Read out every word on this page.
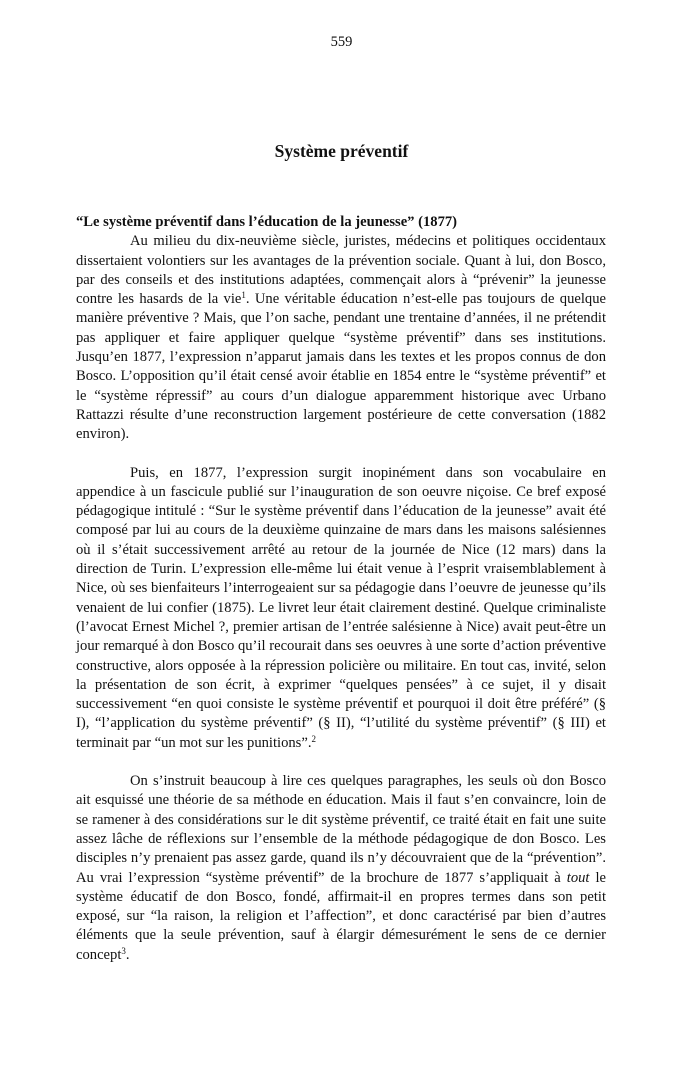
559
Système préventif

“Le système préventif dans l’éducation de la jeunesse” (1877)

Au milieu du dix-neuvième siècle, juristes, médecins et politiques occidentaux dissertaient volontiers sur les avantages de la prévention sociale. Quant à lui, don Bosco, par des conseils et des institutions adaptées, commençait alors à “prévenir” la jeunesse contre les hasards de la vie$^1$. Une véritable éducation n’est-elle pas toujours de quelque manière préventive ? Mais, que l’on sache, pendant une trentaine d’années, il ne prétendit pas appliquer et faire appliquer quelque “système préventif” dans ses institutions. Jusqu’en 1877, l’expression n’apparut jamais dans les textes et les propos connus de don Bosco. L’opposition qu’il était censé avoir établie en 1854 entre le “système préventif” et le “système répressif” au cours d’un dialogue apparemment historique avec Urbano Rattazzi résulte d’une reconstruction largement postérieure de cette conversation (1882 environ).

Puis, en 1877, l’expression surgit inopinément dans son vocabulaire en appendice à un fascicule publié sur l’inauguration de son oeuvre niçoise. Ce bref exposé pédagogique intitulé : “Sur le système préventif dans l’éducation de la jeunesse” avait été composé par lui au cours de la deuxième quinzaine de mars dans les maisons salésiennes où il s’était successivement arrêté au retour de la journée de Nice (12 mars) dans la direction de Turin. L’expression elle-même lui était venue à l’esprit vraisemblablement à Nice, où ses bienfaiteurs l’interrogeaient sur sa pédagogie dans l’oeuvre de jeunesse qu’ils venaient de lui confier (1875). Le livret leur était clairement destiné. Quelque criminaliste (l’avocat Ernest Michel ?, premier artisan de l’entrée salésienne à Nice) avait peut-être un jour remarqué à don Bosco qu’il recourait dans ses oeuvres à une sorte d’action préventive constructive, alors opposée à la répression policière ou militaire. En tout cas, invité, selon la présentation de son écrit, à exprimer “quelques pensées” à ce sujet, il y disait successivement “en quoi consiste le système préventif et pourquoi il doit être préféré” (§ I), “l’application du système préventif” (§ II), “l’utilité du système préventif” (§ III) et terminait par “un mot sur les punitions”.$^2$

On s’instruit beaucoup à lire ces quelques paragraphes, les seuls où don Bosco ait esquissé une théorie de sa méthode en éducation. Mais il faut s’en convaincre, loin de se ramener à des considérations sur le dit système préventif, ce traité était en fait une suite assez lâche de réflexions sur l’ensemble de la méthode pédagogique de don Bosco. Les disciples n’y prenaient pas assez garde, quand ils n’y découvraient que de la “prévention”. Au vrai l’expression “système préventif” de la brochure de 1877 s’appliquait à tout le système éducatif de don Bosco, fondé, affirmait-il en propres termes dans son petit exposé, sur “la raison, la religion et l’affection”, et donc caractérisé par bien d’autres éléments que la seule prévention, sauf à élargir démesurément le sens de ce dernier concept$^3$.
